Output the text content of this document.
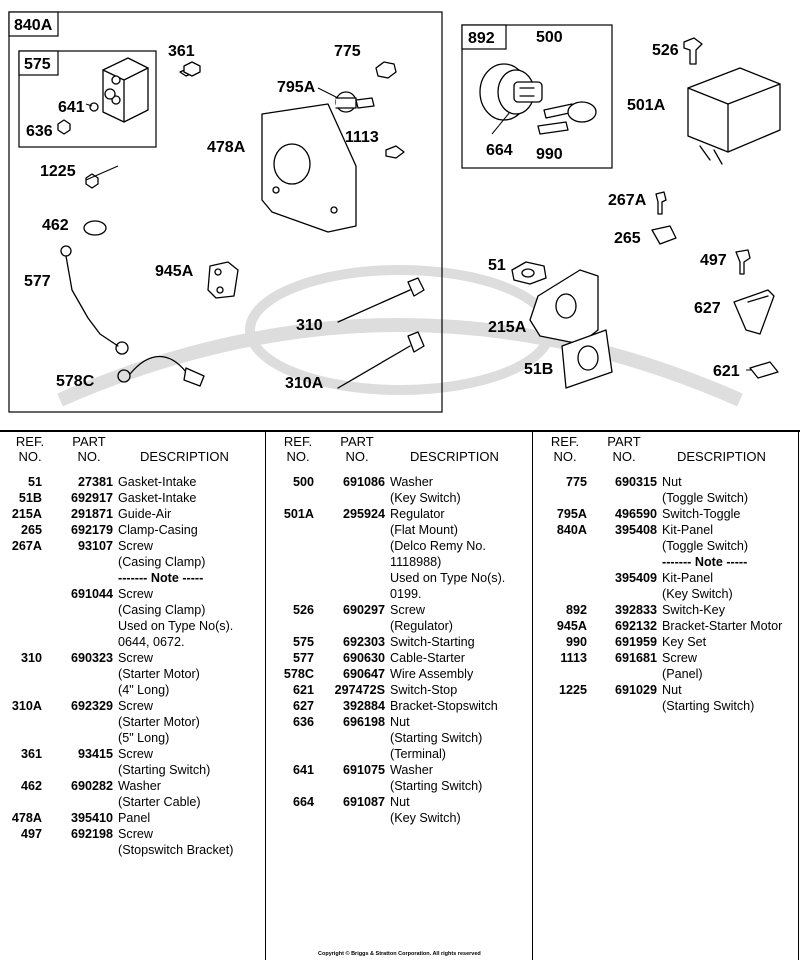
840A
575
892
641
636
361	775
795A
478A
1113
1225
462
577
945A
310
310A
578C
500
664 990
526
501A
267A
265
497
51
215A
51B
627
621
REF.
NO.
PART
NO.	DESCRIPTION
51	27381 Gasket-Intake
51B 692917 Gasket-Intake
215A 291871 Guide-Air
265 692179 Clamp-Casing
267A	93107 Screw
(Casing Clamp)
------- Note -----
691044 Screw
(Casing Clamp)
Used on Type No(s).
0644, 0672.
310 690323 Screw
(Starter Motor)
(4" Long)
310A 692329 Screw
(Starter Motor)
(5" Long)
361	93415 Screw
(Starting Switch)
462 690282 Washer
(Starter Cable)
478A 395410 Panel
497 692198 Screw
(Stopswitch Bracket)
REF.
NO.
PART
NO.	DESCRIPTION
500 691086 Washer
(Key Switch)
501A 295924 Regulator
(Flat Mount)
(Delco Remy No.
1118988)
Used on Type No(s).
0199.
526 690297 Screw
(Regulator)
575 692303 Switch-Starting
577 690630 Cable-Starter
578C 690647 Wire Assembly
621 297472S Switch-Stop
627 392884 Bracket-Stopswitch
636 696198 Nut
(Starting Switch)
(Terminal)
641 691075 Washer
(Starting Switch)
664 691087 Nut
(Key Switch)
REF.
NO.
PART
NO.	DESCRIPTION
775 690315 Nut
(Toggle Switch)
795A 496590 Switch-Toggle
840A 395408 Kit-Panel
(Toggle Switch)
------- Note -----
395409 Kit-Panel
(Key Switch)
892 392833 Switch-Key
945A 692132 Bracket-Starter Motor
990 691959 Key Set
1113 691681 Screw
(Panel)
1225 691029 Nut
(Starting Switch)
Copyright © Briggs & Stratton Corporation. All rights reserved
